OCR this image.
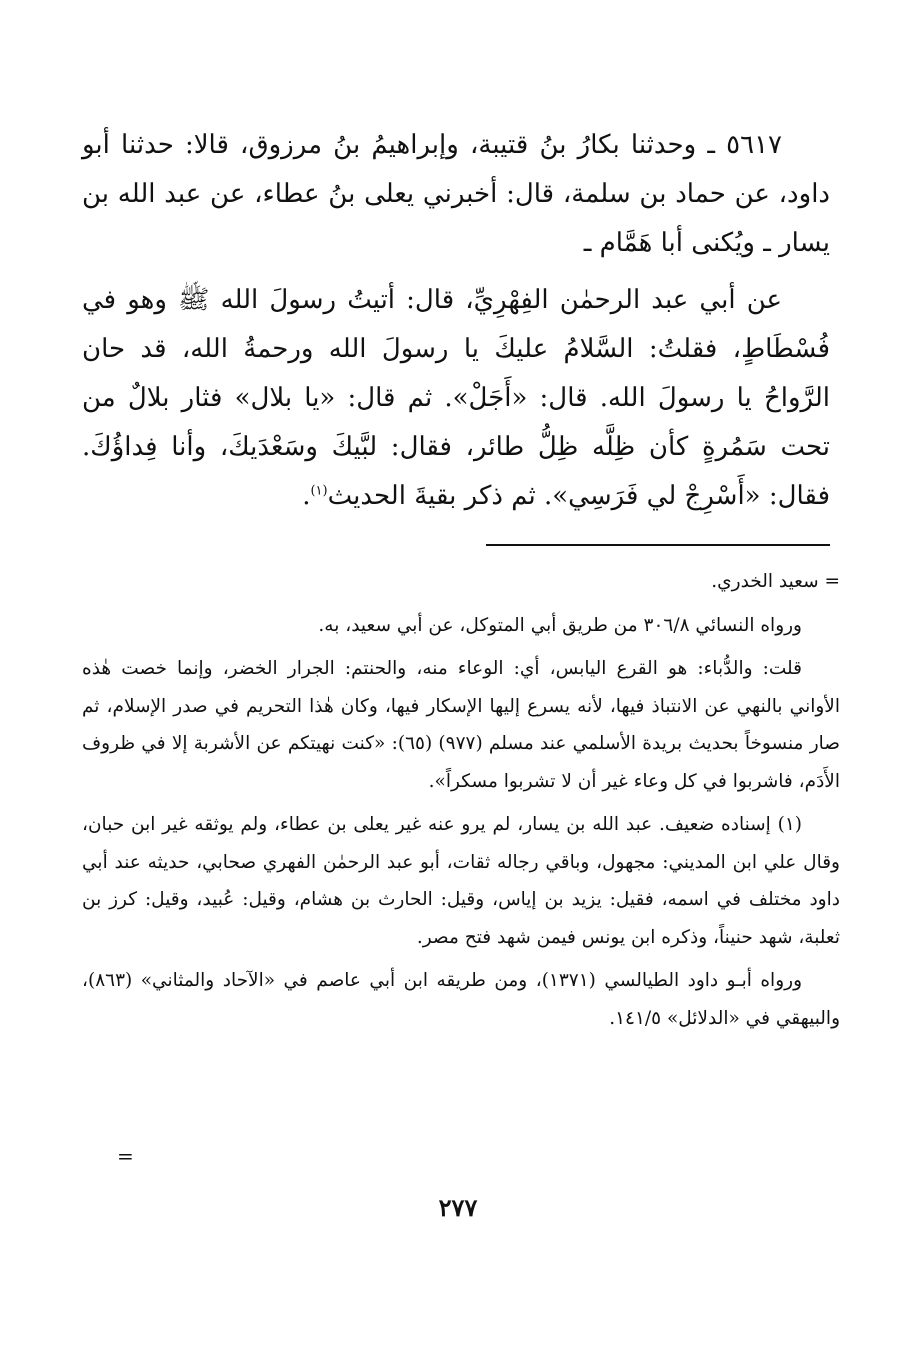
٥٦١٧ ـ وحدثنا بكارُ بنُ قتيبة، وإبراهيمُ بنُ مرزوق، قالا: حدثنا أبو داود، عن حماد بن سلمة، قال: أخبرني يعلى بنُ عطاء، عن عبد الله بن يسار ـ ويُكنى أبا هَمَّام ـ

عن أبي عبد الرحمٰن الفِهْرِيِّ، قال: أتيتُ رسولَ الله ﷺ وهو في فُسْطَاطٍ، فقلتُ: السَّلامُ عليكَ يا رسولَ الله ورحمةُ الله، قد حان الرَّواحُ يا رسولَ الله. قال: «أَجَلْ». ثم قال: «يا بلال» فثار بلالٌ من تحت سَمُرةٍ كأن ظِلَّه ظِلُّ طائر، فقال: لبَّيكَ وسَعْدَيكَ، وأنا فِداؤُكَ. فقال: «أَسْرِجْ لي فَرَسِي». ثم ذكر بقيةَ الحديث$^{(١)}$.

= سعيد الخدري.

ورواه النسائي ٣٠٦/٨ من طريق أبي المتوكل، عن أبي سعيد، به.

قلت: والدُّباء: هو القرع اليابس، أي: الوعاء منه، والحنتم: الجرار الخضر، وإنما خصت هٰذه الأواني بالنهي عن الانتباذ فيها، لأنه يسرع إليها الإسكار فيها، وكان هٰذا التحريم في صدر الإسلام، ثم صار منسوخاً بحديث بريدة الأسلمي عند مسلم (٩٧٧) (٦٥): «كنت نهيتكم عن الأشربة إلا في ظروف الأَدَم، فاشربوا في كل وعاء غير أن لا تشربوا مسكراً».

(١) إسناده ضعيف. عبد الله بن يسار، لم يرو عنه غير يعلى بن عطاء، ولم يوثقه غير ابن حبان، وقال علي ابن المديني: مجهول، وباقي رجاله ثقات، أبو عبد الرحمٰن الفهري صحابي، حديثه عند أبي داود مختلف في اسمه، فقيل: يزيد بن إياس، وقيل: الحارث بن هشام، وقيل: عُبيد، وقيل: كرز بن ثعلبة، شهد حنيناً، وذكره ابن يونس فيمن شهد فتح مصر.

ورواه أبـو داود الطيالسي (١٣٧١)، ومن طريقه ابن أبي عاصم في «الآحاد والمثاني» (٨٦٣)، والبيهقي في «الدلائل» ١٤١/٥.

=

٢٧٧
